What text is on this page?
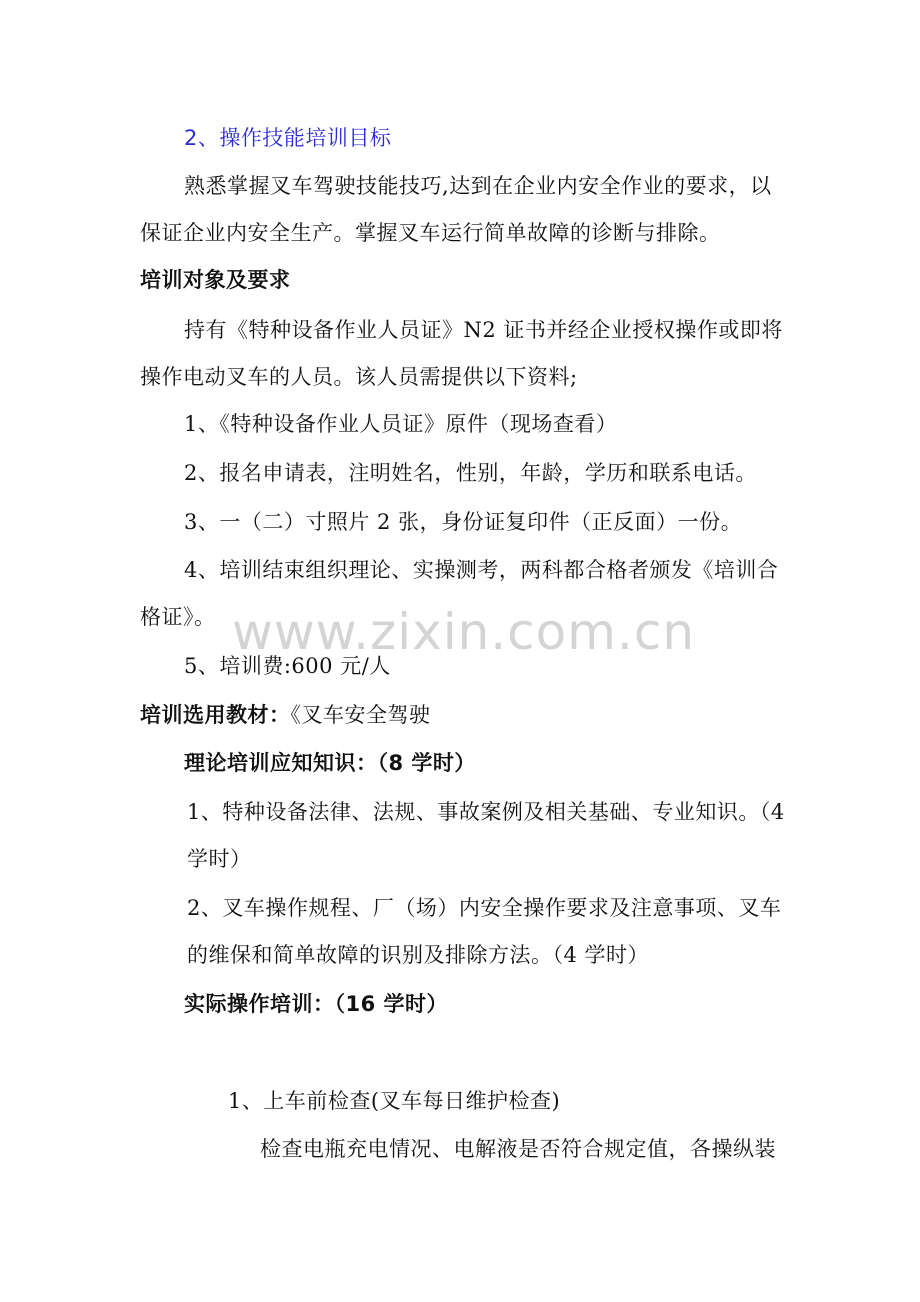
www.zixin.com.cn
2、操作技能培训目标
熟悉掌握叉车驾驶技能技巧,达到在企业内安全作业的要求，以
保证企业内安全生产。掌握叉车运行简单故障的诊断与排除。
培训对象及要求
持有《特种设备作业人员证》N2 证书并经企业授权操作或即将
操作电动叉车的人员。该人员需提供以下资料;
1、《特种设备作业人员证》原件（现场查看）
2、报名申请表，注明姓名，性别，年龄，学历和联系电话。
3、一（二）寸照片 2 张，身份证复印件（正反面）一份。
4、培训结束组织理论、实操测考，两科都合格者颁发《培训合
格证》。
5、培训费:600 元/人
培训选用教材：《叉车安全驾驶
理论培训应知知识：（8 学时）
1、特种设备法律、法规、事故案例及相关基础、专业知识。（4
学时）
2、叉车操作规程、厂（场）内安全操作要求及注意事项、叉车
的维保和简单故障的识别及排除方法。（4 学时）
实际操作培训：（16 学时）
1、上车前检查(叉车每日维护检查)
检查电瓶充电情况、电解液是否符合规定值，各操纵装
